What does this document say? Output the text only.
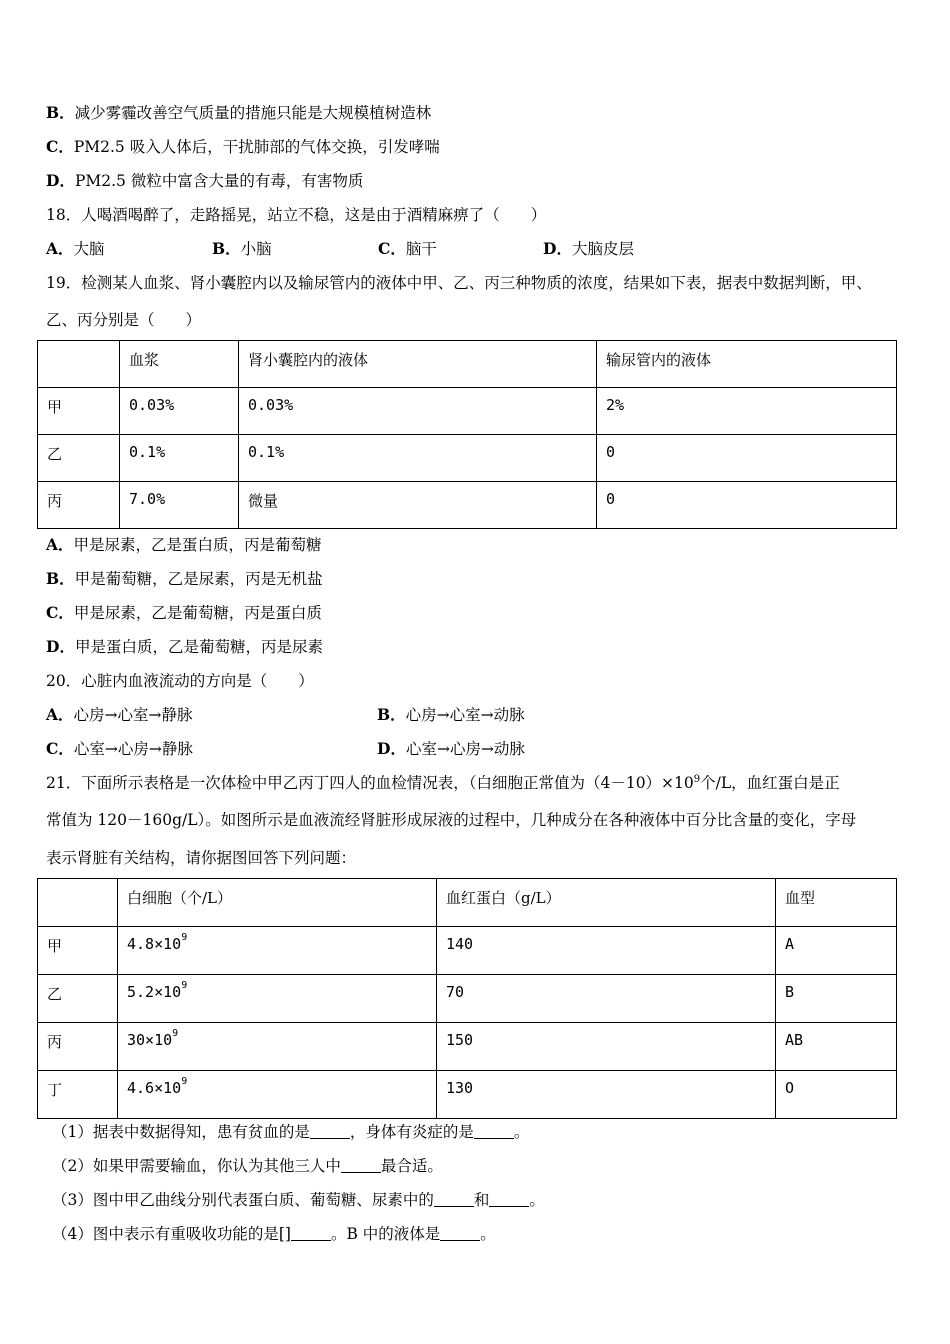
B．减少雾霾改善空气质量的措施只能是大规模植树造林
C．PM2.5 吸入人体后，干扰肺部的气体交换，引发哮喘
D．PM2.5 微粒中富含大量的有毒，有害物质
18．人喝酒喝醉了，走路摇晃，站立不稳，这是由于酒精麻痹了（　　）
A．大脑	B．小脑	C．脑干	D．大脑皮层
19．检测某人血浆、肾小囊腔内以及输尿管内的液体中甲、乙、丙三种物质的浓度，结果如下表，据表中数据判断，甲、
乙、丙分别是（　　）
	血浆	肾小囊腔内的液体	输尿管内的液体
甲	0.03%	0.03%	2%
乙	0.1%	0.1%	0
丙	7.0%	微量	0
A．甲是尿素，乙是蛋白质，丙是葡萄糖
B．甲是葡萄糖，乙是尿素，丙是无机盐
C．甲是尿素，乙是葡萄糖，丙是蛋白质
D．甲是蛋白质，乙是葡萄糖，丙是尿素
20．心脏内血液流动的方向是（　　）
A．心房→心室→静脉	B．心房→心室→动脉
C．心室→心房→静脉	D．心室→心房→动脉
21．下面所示表格是一次体检中甲乙丙丁四人的血检情况表，（白细胞正常值为$(4-10)\times 10^9$个/L，血红蛋白是正
常值为 120－160g/L）。如图所示是血液流经肾脏形成尿液的过程中，几种成分在各种液体中百分比含量的变化，字母
表示肾脏有关结构，请你据图回答下列问题：
	白细胞（个/L）	血红蛋白（g/L）	血型
甲	$4.8\times 10^9$	140	A
乙	$5.2\times 10^9$	70	B
丙	$30\times 10^9$	150	AB
丁	$4.6\times 10^9$	130	O
（1）据表中数据得知，患有贫血的是	，身体有炎症的是	。
（2）如果甲需要输血，你认为其他三人中	最合适。
（3）图中甲乙曲线分别代表蛋白质、葡萄糖、尿素中的	和	。
（4）图中表示有重吸收功能的是[]	。B 中的液体是	。
